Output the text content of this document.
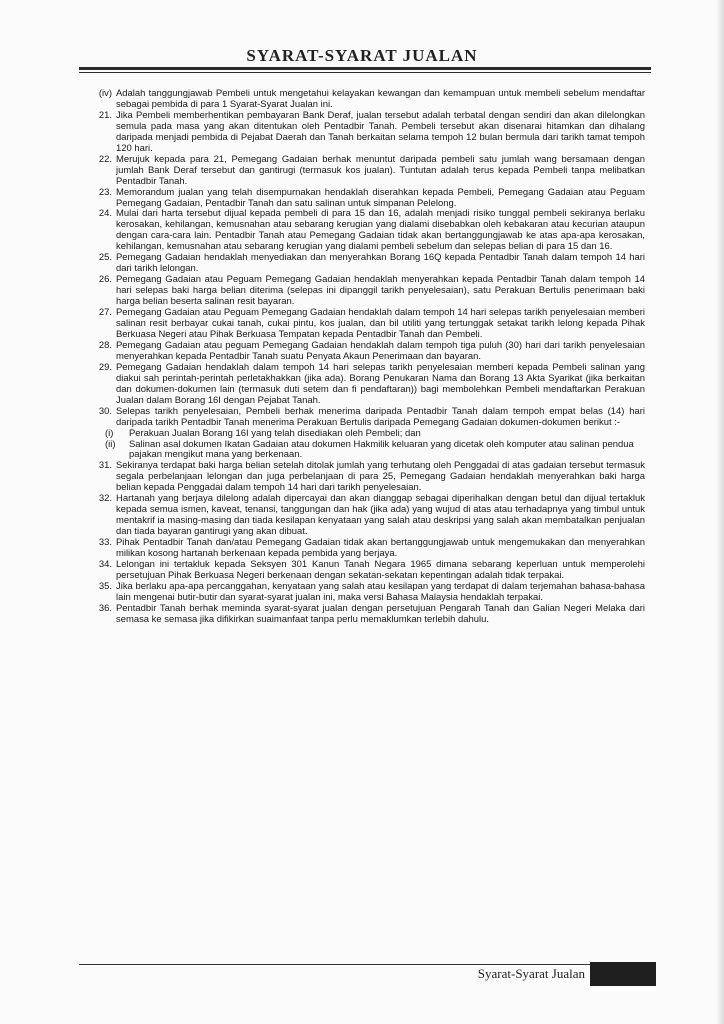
SYARAT-SYARAT JUALAN
(iv) Adalah tanggungjawab Pembeli untuk mengetahui kelayakan kewangan dan kemampuan untuk membeli sebelum mendaftar sebagai pembida di para 1 Syarat-Syarat Jualan ini.
21. Jika Pembeli memberhentikan pembayaran Bank Deraf, jualan tersebut adalah terbatal dengan sendiri dan akan dilelongkan semula pada masa yang akan ditentukan oleh Pentadbir Tanah. Pembeli tersebut akan disenarai hitamkan dan dihalang daripada menjadi pembida di Pejabat Daerah dan Tanah berkaitan selama tempoh 12 bulan bermula dari tarikh tamat tempoh 120 hari.
22. Merujuk kepada para 21, Pemegang Gadaian berhak menuntut daripada pembeli satu jumlah wang bersamaan dengan jumlah Bank Deraf tersebut dan gantirugi (termasuk kos jualan). Tuntutan adalah terus kepada Pembeli tanpa melibatkan Pentadbir Tanah.
23. Memorandum jualan yang telah disempurnakan hendaklah diserahkan kepada Pembeli, Pemegang Gadaian atau Peguam Pemegang Gadaian, Pentadbir Tanah dan satu salinan untuk simpanan Pelelong.
24. Mulai dari harta tersebut dijual kepada pembeli di para 15 dan 16, adalah menjadi risiko tunggal pembeli sekiranya berlaku kerosakan, kehilangan, kemusnahan atau sebarang kerugian yang dialami disebabkan oleh kebakaran atau kecurian ataupun dengan cara-cara lain. Pentadbir Tanah atau Pemegang Gadaian tidak akan bertanggungjawab ke atas apa-apa kerosakan, kehilangan, kemusnahan atau sebarang kerugian yang dialami pembeli sebelum dan selepas belian di para 15 dan 16.
25. Pemegang Gadaian hendaklah menyediakan dan menyerahkan Borang 16Q kepada Pentadbir Tanah dalam tempoh 14 hari dari tarikh lelongan.
26. Pemegang Gadaian atau Peguam Pemegang Gadaian hendaklah menyerahkan kepada Pentadbir Tanah dalam tempoh 14 hari selepas baki harga belian diterima (selepas ini dipanggil tarikh penyelesaian), satu Perakuan Bertulis penerimaan baki harga belian beserta salinan resit bayaran.
27. Pemegang Gadaian atau Peguam Pemegang Gadaian hendaklah dalam tempoh 14 hari selepas tarikh penyelesaian memberi salinan resit berbayar cukai tanah, cukai pintu, kos jualan, dan bil utiliti yang tertunggak setakat tarikh lelong kepada Pihak Berkuasa Negeri atau Pihak Berkuasa Tempatan kepada Pentadbir Tanah dan Pembeli.
28. Pemegang Gadaian atau peguam Pemegang Gadaian hendaklah dalam tempoh tiga puluh (30) hari dari tarikh penyelesaian menyerahkan kepada Pentadbir Tanah suatu Penyata Akaun Penerimaan dan bayaran.
29. Pemegang Gadaian hendaklah dalam tempoh 14 hari selepas tarikh penyelesaian memberi kepada Pembeli salinan yang diakui sah perintah-perintah perletakhakkan (jika ada). Borang Penukaran Nama dan Borang 13 Akta Syarikat (jika berkaitan dan dokumen-dokumen lain (termasuk duti setem dan fi pendaftaran)) bagi membolehkan Pembeli mendaftarkan Perakuan Jualan dalam Borang 16I dengan Pejabat Tanah.
30. Selepas tarikh penyelesaian, Pembeli berhak menerima daripada Pentadbir Tanah dalam tempoh empat belas (14) hari daripada tarikh Pentadbir Tanah menerima Perakuan Bertulis daripada Pemegang Gadaian dokumen-dokumen berikut :-
(i)	Perakuan Jualan Borang 16I yang telah disediakan oleh Pembeli; dan
(ii)	Salinan asal dokumen Ikatan Gadaian atau dokumen Hakmilik keluaran yang dicetak oleh komputer atau salinan pendua pajakan mengikut mana yang berkenaan.
31. Sekiranya terdapat baki harga belian setelah ditolak jumlah yang terhutang oleh Penggadai di atas gadaian tersebut termasuk segala perbelanjaan lelongan dan juga perbelanjaan di para 25, Pemegang Gadaian hendaklah menyerahkan baki harga belian kepada Penggadai dalam tempoh 14 hari dari tarikh penyelesaian.
32. Hartanah yang berjaya dilelong adalah dipercayai dan akan dianggap sebagai diperihalkan dengan betul dan dijual tertakluk kepada semua ismen, kaveat, tenansi, tanggungan dan hak (jika ada) yang wujud di atas atau terhadapnya yang timbul untuk mentakrif ia masing-masing dan tiada kesilapan kenyataan yang salah atau deskripsi yang salah akan membatalkan penjualan dan tiada bayaran gantirugi yang akan dibuat.
33. Pihak Pentadbir Tanah dan/atau Pemegang Gadaian tidak akan bertanggungjawab untuk mengemukakan dan menyerahkan milikan kosong hartanah berkenaan kepada pembida yang berjaya.
34. Lelongan ini tertakluk kepada Seksyen 301 Kanun Tanah Negara 1965 dimana sebarang keperluan untuk memperolehi persetujuan Pihak Berkuasa Negeri berkenaan dengan sekatan-sekatan kepentingan adalah tidak terpakai.
35. Jika berlaku apa-apa percanggahan, kenyataan yang salah atau kesilapan yang terdapat di dalam terjemahan bahasa-bahasa lain mengenai butir-butir dan syarat-syarat jualan ini, maka versi Bahasa Malaysia hendaklah terpakai.
36. Pentadbir Tanah berhak meminda syarat-syarat jualan dengan persetujuan Pengarah Tanah dan Galian Negeri Melaka dari semasa ke semasa jika difikirkan suaimanfaat tanpa perlu memaklumkan terlebih dahulu.
Syarat-Syarat Jualan
